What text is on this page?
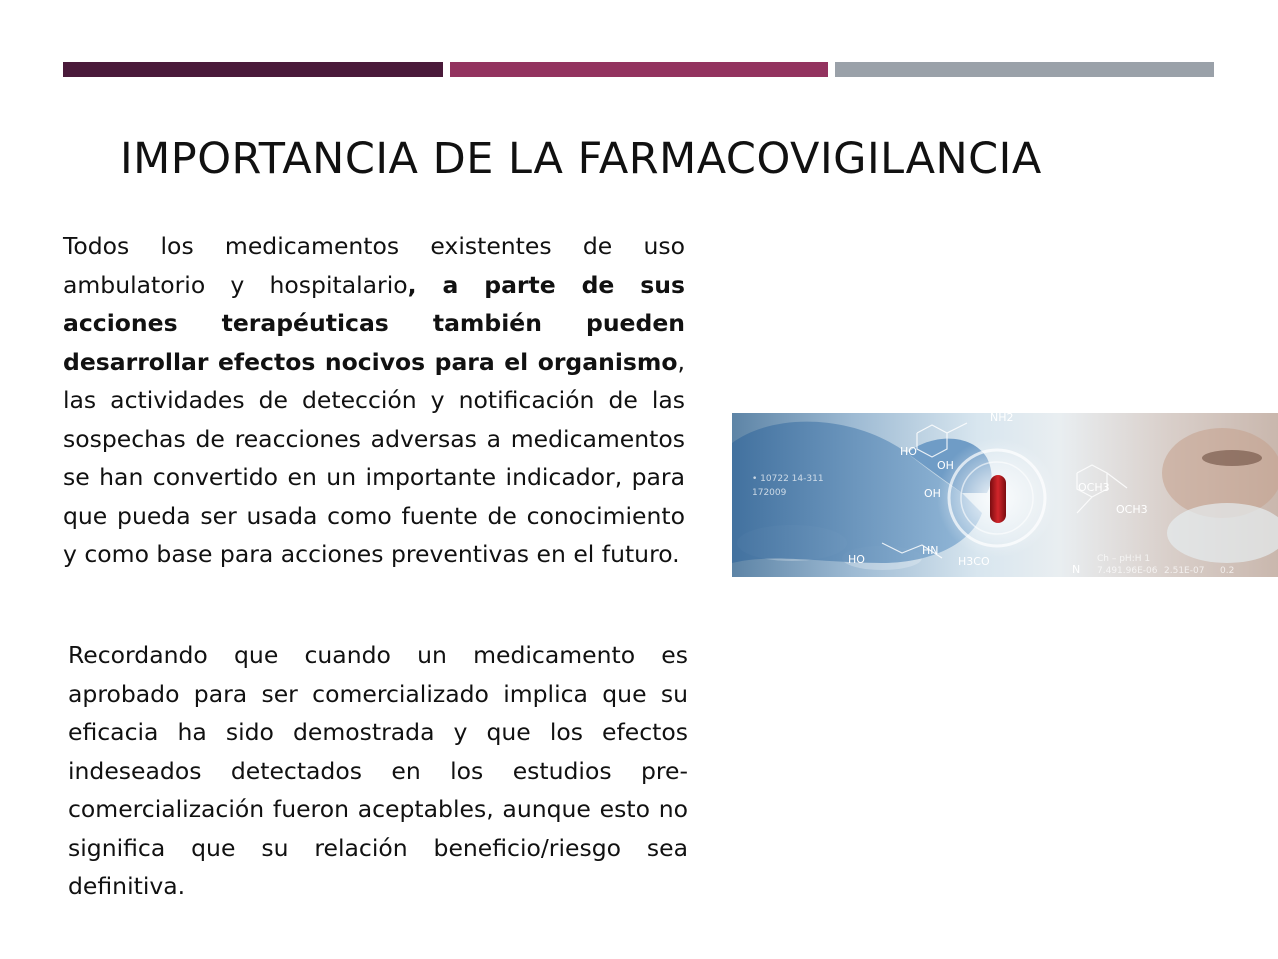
IMPORTANCIA DE LA FARMACOVIGILANCIA

Todos los medicamentos existentes de uso ambulatorio y hospitalario, a parte de sus acciones terapéuticas también pueden desarrollar efectos nocivos para el organismo, las actividades de detección y notificación de las sospechas de reacciones adversas a medicamentos se han convertido en un importante indicador, para que pueda ser usada como fuente de conocimiento y como base para acciones preventivas en el futuro.

Recordando que cuando un medicamento es aprobado para ser comercializado implica que su eficacia ha sido demostrada y que los efectos indeseados detectados en los estudios pre-comercialización fueron aceptables, aunque esto no significa que su relación beneficio/riesgo sea definitiva.

NH2
HO
OH
OCH3
OCH3
HO
HN
H3CO
N
OH
• 10722 14-311
172009
Ch – pH:H 1
7.491.96E-06 2.51E-07 0.2
